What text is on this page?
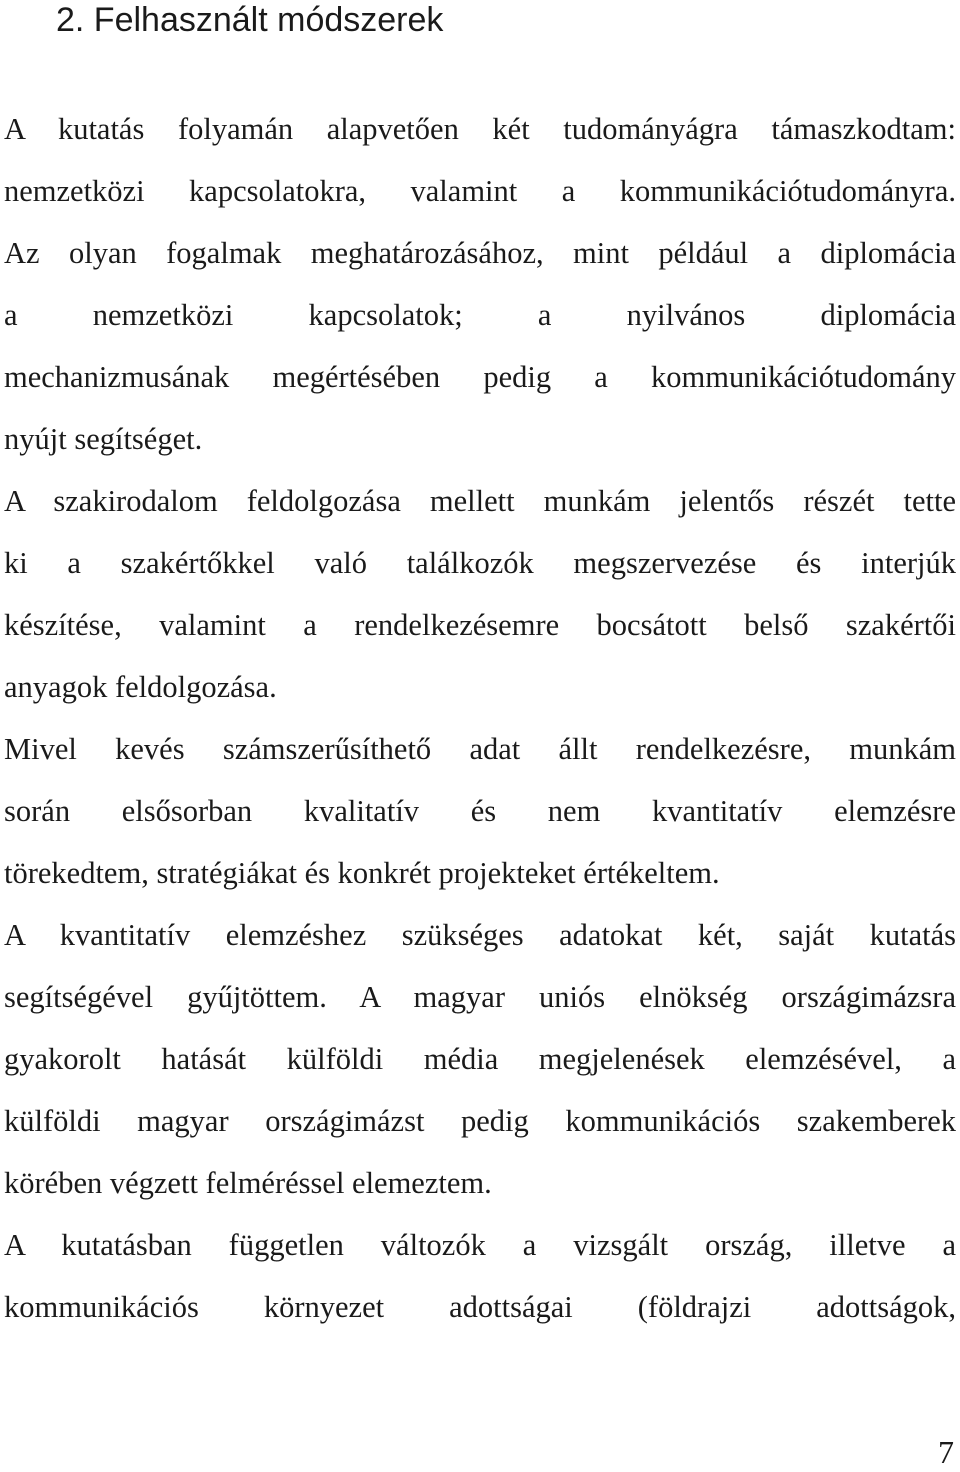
2. Felhasznált módszerek
A kutatás folyamán alapvetően két tudományágra támaszkodtam:
nemzetközi kapcsolatokra, valamint a kommunikációtudományra.
Az olyan fogalmak meghatározásához, mint például a diplomácia
a nemzetközi kapcsolatok; a nyilvános diplomácia
mechanizmusának megértésében pedig a kommunikációtudomány
nyújt segítséget.
A szakirodalom feldolgozása mellett munkám jelentős részét tette
ki a szakértőkkel való találkozók megszervezése és interjúk
készítése, valamint a rendelkezésemre bocsátott belső szakértői
anyagok feldolgozása.
Mivel kevés számszerűsíthető adat állt rendelkezésre, munkám
során elsősorban kvalitatív és nem kvantitatív elemzésre
törekedtem, stratégiákat és konkrét projekteket értékeltem.
A kvantitatív elemzéshez szükséges adatokat két, saját kutatás
segítségével gyűjtöttem. A magyar uniós elnökség országimázsra
gyakorolt hatását külföldi média megjelenések elemzésével, a
külföldi magyar országimázst pedig kommunikációs szakemberek
körében végzett felméréssel elemeztem.
A kutatásban független változók a vizsgált ország, illetve a
kommunikációs környezet adottságai (földrajzi adottságok,
7
